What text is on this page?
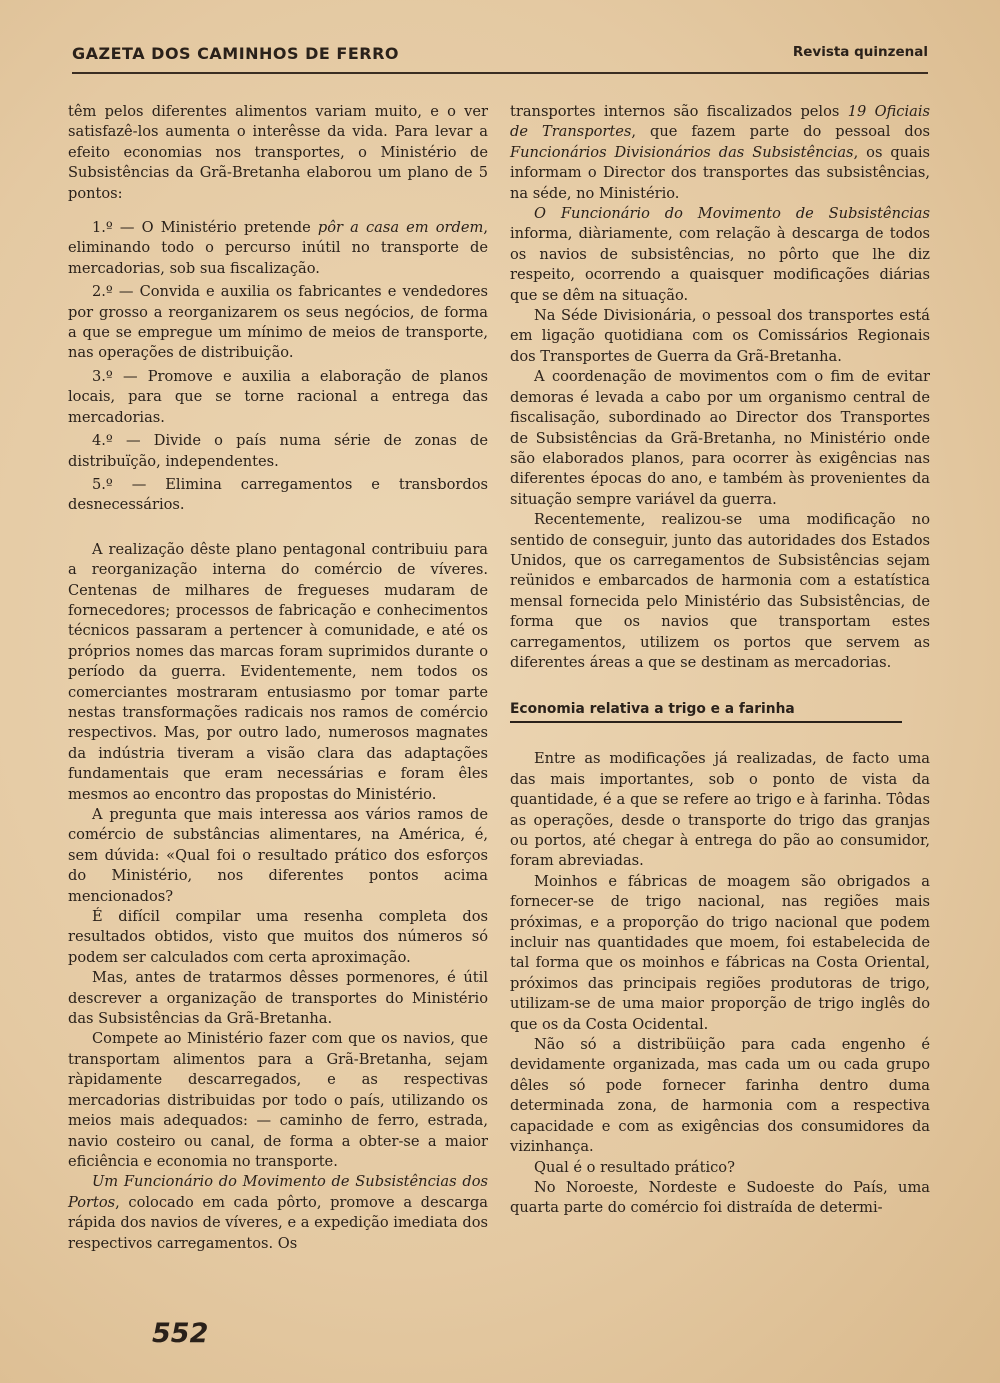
GAZETA DOS CAMINHOS DE FERRO	Revista quinzenal

têm pelos diferentes alimentos variam muito, e o ver satisfazê-los aumenta o interêsse da vida. Para levar a efeito economias nos transportes, o Ministério de Subsistências da Grã-Bretanha elaborou um plano de 5 pontos:

1.º — O Ministério pretende pôr a casa em ordem, eliminando todo o percurso inútil no transporte de mercadorias, sob sua fiscalização.

2.º — Convida e auxilia os fabricantes e vendedores por grosso a reorganizarem os seus negócios, de forma a que se empregue um mínimo de meios de transporte, nas operações de distribuição.

3.º — Promove e auxilia a elaboração de planos locais, para que se torne racional a entrega das mercadorias.

4.º — Divide o país numa série de zonas de distribuïção, independentes.

5.º — Elimina carregamentos e transbordos desnecessários.

A realização dêste plano pentagonal contribuiu para a reorganização interna do comércio de víveres. Centenas de milhares de fregueses mudaram de fornecedores; processos de fabricação e conhecimentos técnicos passaram a pertencer à comunidade, e até os próprios nomes das marcas foram suprimidos durante o período da guerra. Evidentemente, nem todos os comerciantes mostraram entusiasmo por tomar parte nestas transformações radicais nos ramos de comércio respectivos. Mas, por outro lado, numerosos magnates da indústria tiveram a visão clara das adaptações fundamentais que eram necessárias e foram êles mesmos ao encontro das propostas do Ministério.

A pregunta que mais interessa aos vários ramos de comércio de substâncias alimentares, na América, é, sem dúvida: «Qual foi o resultado prático dos esforços do Ministério, nos diferentes pontos acima mencionados?

É difícil compilar uma resenha completa dos resultados obtidos, visto que muitos dos números só podem ser calculados com certa aproximação.

Mas, antes de tratarmos dêsses pormenores, é útil descrever a organização de transportes do Ministério das Subsistências da Grã-Bretanha.

Compete ao Ministério fazer com que os navios, que transportam alimentos para a Grã-Bretanha, sejam ràpidamente descarregados, e as respectivas mercadorias distribuidas por todo o país, utilizando os meios mais adequados: — caminho de ferro, estrada, navio costeiro ou canal, de forma a obter-se a maior eficiência e economia no transporte.

Um Funcionário do Movimento de Subsistências dos Portos, colocado em cada pôrto, promove a descarga rápida dos navios de víveres, e a expedição imediata dos respectivos carregamentos. Os

transportes internos são fiscalizados pelos 19 Oficiais de Transportes, que fazem parte do pessoal dos Funcionários Divisionários das Subsistências, os quais informam o Director dos transportes das subsistências, na séde, no Ministério.

O Funcionário do Movimento de Subsistências informa, diàriamente, com relação à descarga de todos os navios de subsistências, no pôrto que lhe diz respeito, ocorrendo a quaisquer modificações diárias que se dêm na situação.

Na Séde Divisionária, o pessoal dos transportes está em ligação quotidiana com os Comissários Regionais dos Transportes de Guerra da Grã-Bretanha.

A coordenação de movimentos com o fim de evitar demoras é levada a cabo por um organismo central de fiscalisação, subordinado ao Director dos Transportes de Subsistências da Grã-Bretanha, no Ministério onde são elaborados planos, para ocorrer às exigências nas diferentes épocas do ano, e também às provenientes da situação sempre variável da guerra.

Recentemente, realizou-se uma modificação no sentido de conseguir, junto das autoridades dos Estados Unidos, que os carregamentos de Subsistências sejam reünidos e embarcados de harmonia com a estatística mensal fornecida pelo Ministério das Subsistências, de forma que os navios que transportam estes carregamentos, utilizem os portos que servem as diferentes áreas a que se destinam as mercadorias.

Economia relativa a trigo e a farinha

Entre as modificações já realizadas, de facto uma das mais importantes, sob o ponto de vista da quantidade, é a que se refere ao trigo e à farinha. Tôdas as operações, desde o transporte do trigo das granjas ou portos, até chegar à entrega do pão ao consumidor, foram abreviadas.

Moinhos e fábricas de moagem são obrigados a fornecer-se de trigo nacional, nas regiões mais próximas, e a proporção do trigo nacional que podem incluir nas quantidades que moem, foi estabelecida de tal forma que os moinhos e fábricas na Costa Oriental, próximos das principais regiões produtoras de trigo, utilizam-se de uma maior proporção de trigo inglês do que os da Costa Ocidental.

Não só a distribüição para cada engenho é devidamente organizada, mas cada um ou cada grupo dêles só pode fornecer farinha dentro duma determinada zona, de harmonia com a respectiva capacidade e com as exigências dos consumidores da vizinhança.

Qual é o resultado prático?

No Noroeste, Nordeste e Sudoeste do País, uma quarta parte do comércio foi distraída de determi-

552
